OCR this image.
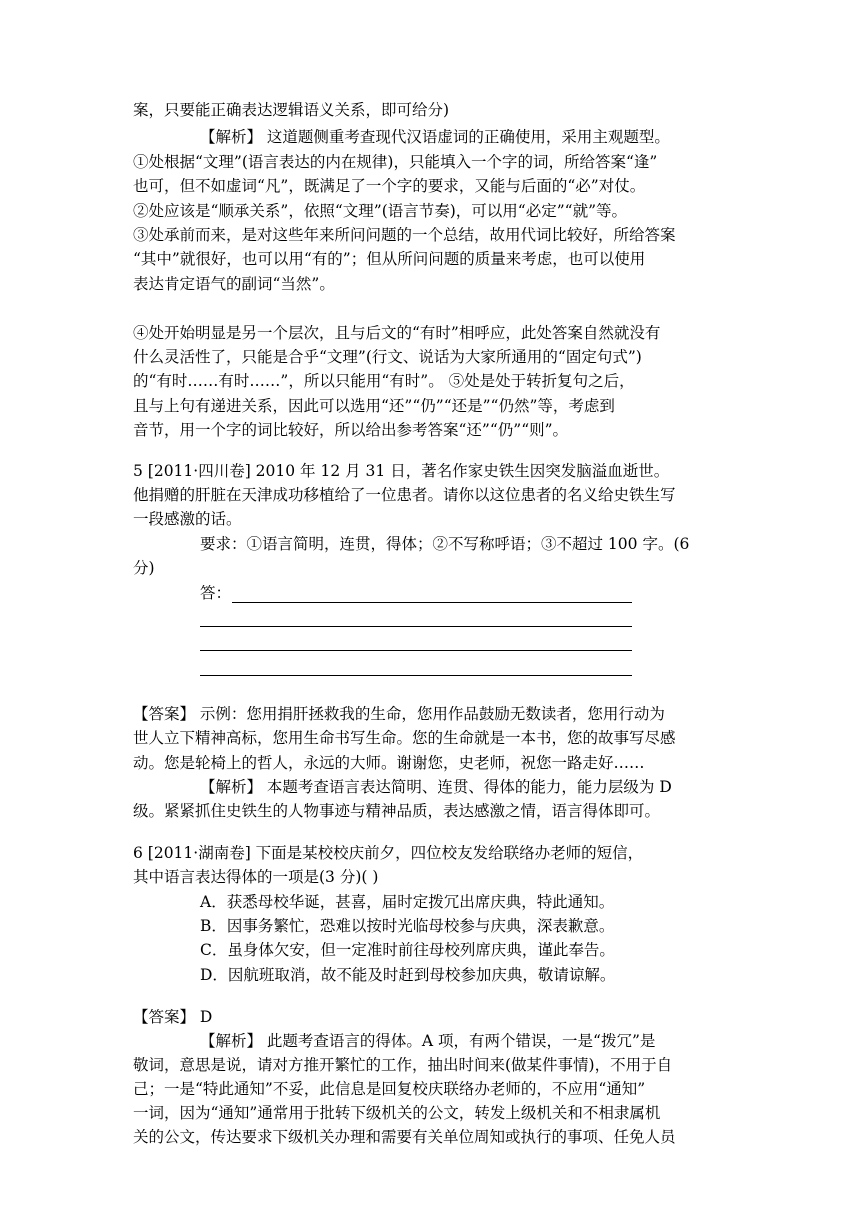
案，只要能正确表达逻辑语义关系，即可给分)
【解析】 这道题侧重考查现代汉语虚词的正确使用，采用主观题型。
①处根据“文理”(语言表达的内在规律)，只能填入一个字的词，所给答案“逢”
也可，但不如虚词“凡”，既满足了一个字的要求，又能与后面的“必”对仗。
②处应该是“顺承关系”，依照“文理”(语言节奏)，可以用“必定”“就”等。
③处承前而来，是对这些年来所问问题的一个总结，故用代词比较好，所给答案
“其中”就很好，也可以用“有的”；但从所问问题的质量来考虑，也可以使用
表达肯定语气的副词“当然”。
④处开始明显是另一个层次，且与后文的“有时”相呼应，此处答案自然就没有
什么灵活性了，只能是合乎“文理”(行文、说话为大家所通用的“固定句式”)
的“有时……有时……”，所以只能用“有时”。 ⑤处是处于转折复句之后，
且与上句有递进关系，因此可以选用“还”“仍”“还是”“仍然”等，考虑到
音节，用一个字的词比较好，所以给出参考答案“还”“仍”“则”。
5 [2011·四川卷] 2010 年 12 月 31 日，著名作家史铁生因突发脑溢血逝世。
他捐赠的肝脏在天津成功移植给了一位患者。请你以这位患者的名义给史铁生写
一段感激的话。
要求：①语言简明，连贯，得体；②不写称呼语；③不超过 100 字。(6
分)
答：
【答案】 示例：您用捐肝拯救我的生命，您用作品鼓励无数读者，您用行动为
世人立下精神高标，您用生命书写生命。您的生命就是一本书，您的故事写尽感
动。您是轮椅上的哲人，永远的大师。谢谢您，史老师，祝您一路走好……
【解析】 本题考查语言表达简明、连贯、得体的能力，能力层级为 D
级。紧紧抓住史铁生的人物事迹与精神品质，表达感激之情，语言得体即可。
6 [2011·湖南卷] 下面是某校校庆前夕，四位校友发给联络办老师的短信，
其中语言表达得体的一项是(3 分)( )
A．获悉母校华诞，甚喜，届时定拨冗出席庆典，特此通知。
B．因事务繁忙，恐难以按时光临母校参与庆典，深表歉意。
C．虽身体欠安，但一定准时前往母校列席庆典，谨此奉告。
D．因航班取消，故不能及时赶到母校参加庆典，敬请谅解。
【答案】 D
【解析】 此题考查语言的得体。A 项，有两个错误，一是“拨冗”是
敬词，意思是说，请对方推开繁忙的工作，抽出时间来(做某件事情)，不用于自
己；一是“特此通知”不妥，此信息是回复校庆联络办老师的，不应用“通知”
一词，因为“通知”通常用于批转下级机关的公文，转发上级机关和不相隶属机
关的公文，传达要求下级机关办理和需要有关单位周知或执行的事项、任免人员
